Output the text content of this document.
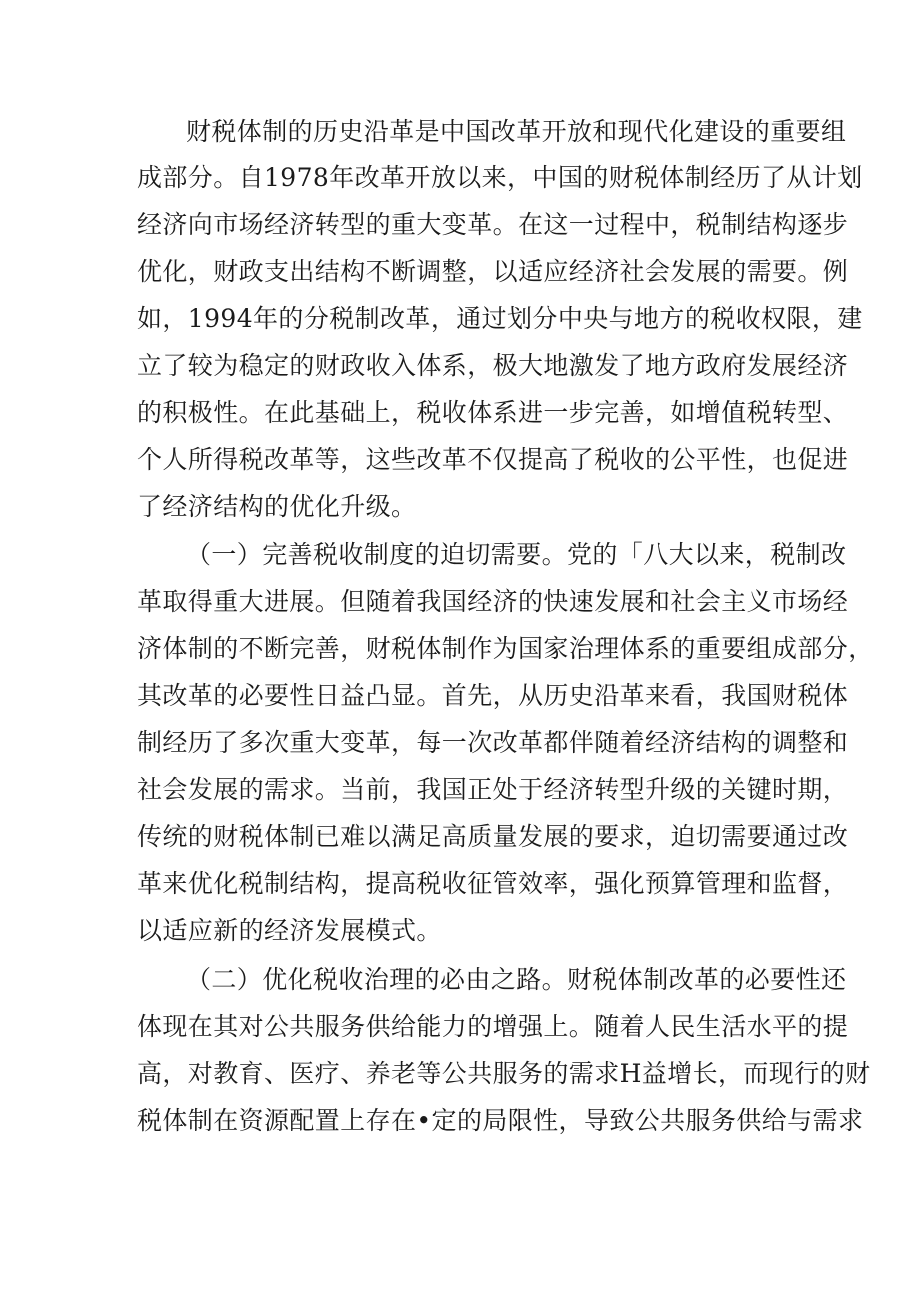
财税体制的历史沿革是中国改革开放和现代化建设的重要组
成部分。自1978年改革开放以来，中国的财税体制经历了从计划
经济向市场经济转型的重大变革。在这一过程中，税制结构逐步
优化，财政支出结构不断调整，以适应经济社会发展的需要。例
如，1994年的分税制改革，通过划分中央与地方的税收权限，建
立了较为稳定的财政收入体系，极大地激发了地方政府发展经济
的积极性。在此基础上，税收体系进一步完善，如增值税转型、
个人所得税改革等，这些改革不仅提高了税收的公平性，也促进
了经济结构的优化升级。
（一）完善税收制度的迫切需要。党的「八大以来，税制改
革取得重大进展。但随着我国经济的快速发展和社会主义市场经
济体制的不断完善，财税体制作为国家治理体系的重要组成部分，
其改革的必要性日益凸显。首先，从历史沿革来看，我国财税体
制经历了多次重大变革，每一次改革都伴随着经济结构的调整和
社会发展的需求。当前，我国正处于经济转型升级的关键时期，
传统的财税体制已难以满足高质量发展的要求，迫切需要通过改
革来优化税制结构，提高税收征管效率，强化预算管理和监督，
以适应新的经济发展模式。
（二）优化税收治理的必由之路。财税体制改革的必要性还
体现在其对公共服务供给能力的增强上。随着人民生活水平的提
高，对教育、医疗、养老等公共服务的需求H益增长，而现行的财
税体制在资源配置上存在•定的局限性，导致公共服务供给与需求
